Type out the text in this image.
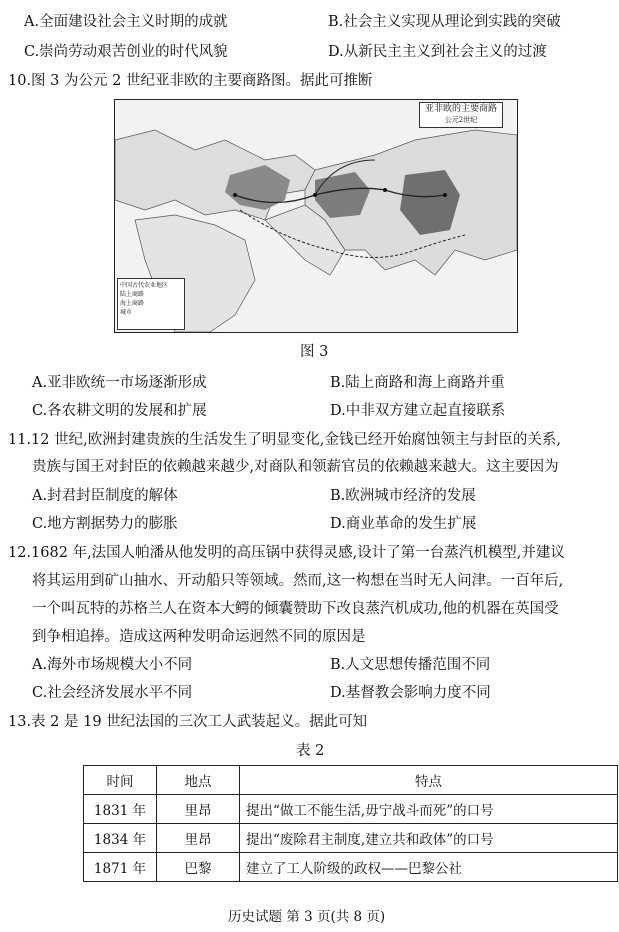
A.全面建设社会主义时期的成就	B.社会主义实现从理论到实践的突破
C.崇尚劳动艰苦创业的时代风貌	D.从新民主主义到社会主义的过渡
10.图 3 为公元 2 世纪亚非欧的主要商路图。据此可推断
亚非欧的主要商路
公元2世纪
中国古代农业地区
陆上商路
海上商路
城市
图 3
A.亚非欧统一市场逐渐形成	B.陆上商路和海上商路并重
C.各农耕文明的发展和扩展	D.中非双方建立起直接联系
11.12 世纪,欧洲封建贵族的生活发生了明显变化,金钱已经开始腐蚀领主与封臣的关系,
贵族与国王对封臣的依赖越来越少,对商队和领薪官员的依赖越来越大。这主要因为
A.封君封臣制度的解体	B.欧洲城市经济的发展
C.地方割据势力的膨胀	D.商业革命的发生扩展
12.1682 年,法国人帕潘从他发明的高压锅中获得灵感,设计了第一台蒸汽机模型,并建议
将其运用到矿山抽水、开动船只等领域。然而,这一构想在当时无人问津。一百年后,
一个叫瓦特的苏格兰人在资本大鳄的倾囊赞助下改良蒸汽机成功,他的机器在英国受
到争相追捧。造成这两种发明命运迥然不同的原因是
A.海外市场规模大小不同	B.人文思想传播范围不同
C.社会经济发展水平不同	D.基督教会影响力度不同
13.表 2 是 19 世纪法国的三次工人武装起义。据此可知
表 2
时间	地点	特点
1831 年	里昂	提出“做工不能生活,毋宁战斗而死”的口号
1834 年	里昂	提出“废除君主制度,建立共和政体”的口号
1871 年	巴黎	建立了工人阶级的政权——巴黎公社
历史试题 第 3 页(共 8 页)
